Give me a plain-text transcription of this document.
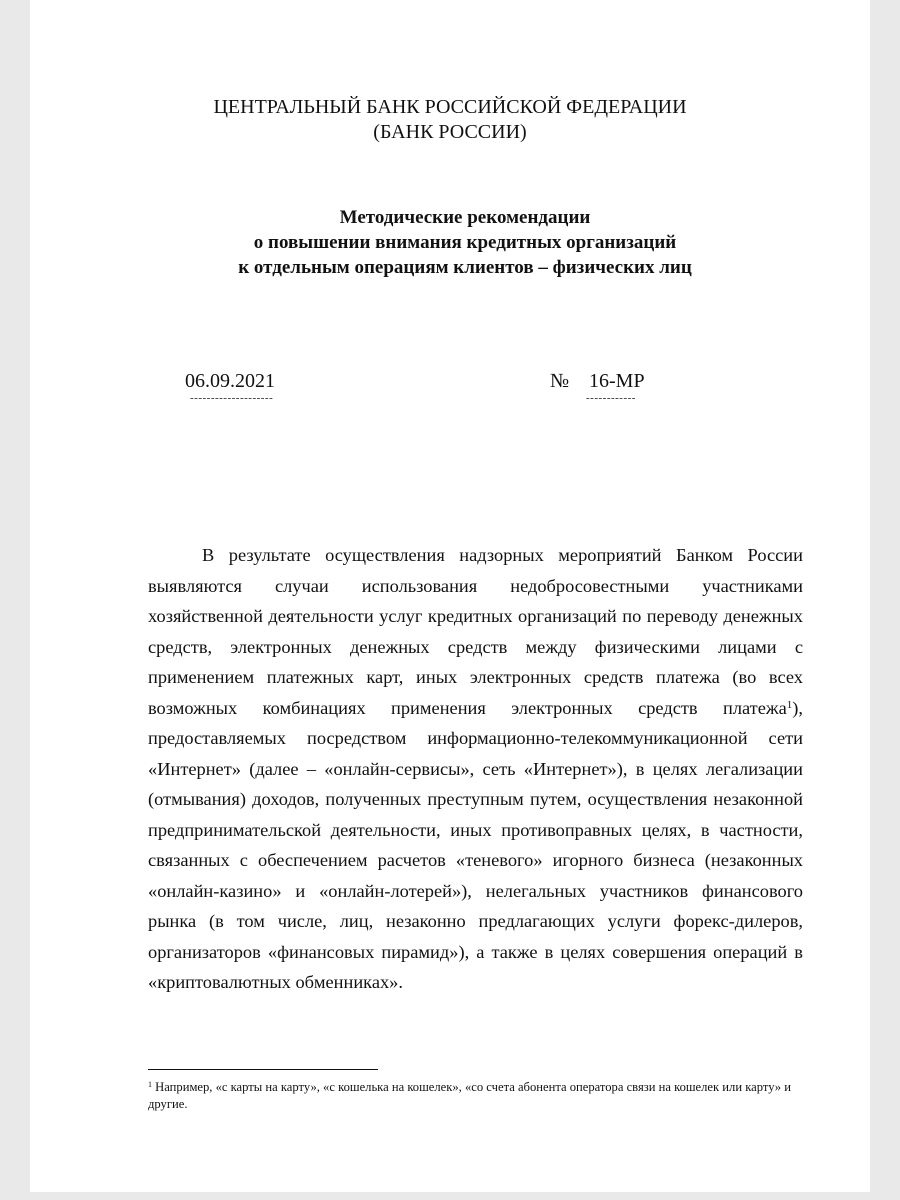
ЦЕНТРАЛЬНЫЙ БАНК РОССИЙСКОЙ ФЕДЕРАЦИИ
(БАНК РОССИИ)
Методические рекомендации
о повышении внимания кредитных организаций
к отдельным операциям клиентов – физических лиц
06.09.2021
--------------------
№ 16-МР
------------

В результате осуществления надзорных мероприятий Банком России выявляются случаи использования недобросовестными участниками хозяйственной деятельности услуг кредитных организаций по переводу денежных средств, электронных денежных средств между физическими лицами с применением платежных карт, иных электронных средств платежа (во всех возможных комбинациях применения электронных средств платежа$^1$), предоставляемых посредством информационно-телекоммуникационной сети «Интернет» (далее – «онлайн-сервисы», сеть «Интернет»), в целях легализации (отмывания) доходов, полученных преступным путем, осуществления незаконной предпринимательской деятельности, иных противоправных целях, в частности, связанных с обеспечением расчетов «теневого» игорного бизнеса (незаконных «онлайн-казино» и «онлайн-лотерей»), нелегальных участников финансового рынка (в том числе, лиц, незаконно предлагающих услуги форекс-дилеров, организаторов «финансовых пирамид»), а также в целях совершения операций в «криптовалютных обменниках».

$^1$ Например, «с карты на карту», «с кошелька на кошелек», «со счета абонента оператора связи на кошелек или карту» и другие.
